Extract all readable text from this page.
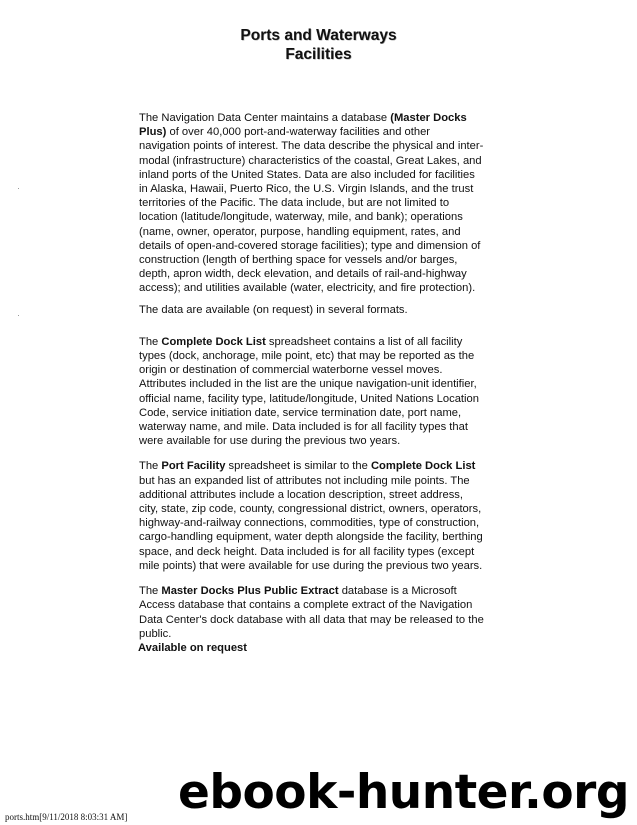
Ports and Waterways
Facilities

The Navigation Data Center maintains a database (Master Docks Plus) of over 40,000 port-and-waterway facilities and other navigation points of interest. The data describe the physical and inter-modal (infrastructure) characteristics of the coastal, Great Lakes, and inland ports of the United States. Data are also included for facilities in Alaska, Hawaii, Puerto Rico, the U.S. Virgin Islands, and the trust territories of the Pacific. The data include, but are not limited to location (latitude/longitude, waterway, mile, and bank); operations (name, owner, operator, purpose, handling equipment, rates, and details of open-and-covered storage facilities); type and dimension of construction (length of berthing space for vessels and/or barges, depth, apron width, deck elevation, and details of rail-and-highway access); and utilities available (water, electricity, and fire protection).

The data are available (on request) in several formats.

The Complete Dock List spreadsheet contains a list of all facility types (dock, anchorage, mile point, etc) that may be reported as the origin or destination of commercial waterborne vessel moves. Attributes included in the list are the unique navigation-unit identifier, official name, facility type, latitude/longitude, United Nations Location Code, service initiation date, service termination date, port name, waterway name, and mile. Data included is for all facility types that were available for use during the previous two years.

The Port Facility spreadsheet is similar to the Complete Dock List but has an expanded list of attributes not including mile points. The additional attributes include a location description, street address, city, state, zip code, county, congressional district, owners, operators, highway-and-railway connections, commodities, type of construction, cargo-handling equipment, water depth alongside the facility, berthing space, and deck height. Data included is for all facility types (except mile points) that were available for use during the previous two years.

The Master Docks Plus Public Extract database is a Microsoft Access database that contains a complete extract of the Navigation Data Center's dock database with all data that may be released to the public.
Available on request

ebook-hunter.org
ports.htm[9/11/2018 8:03:31 AM]
